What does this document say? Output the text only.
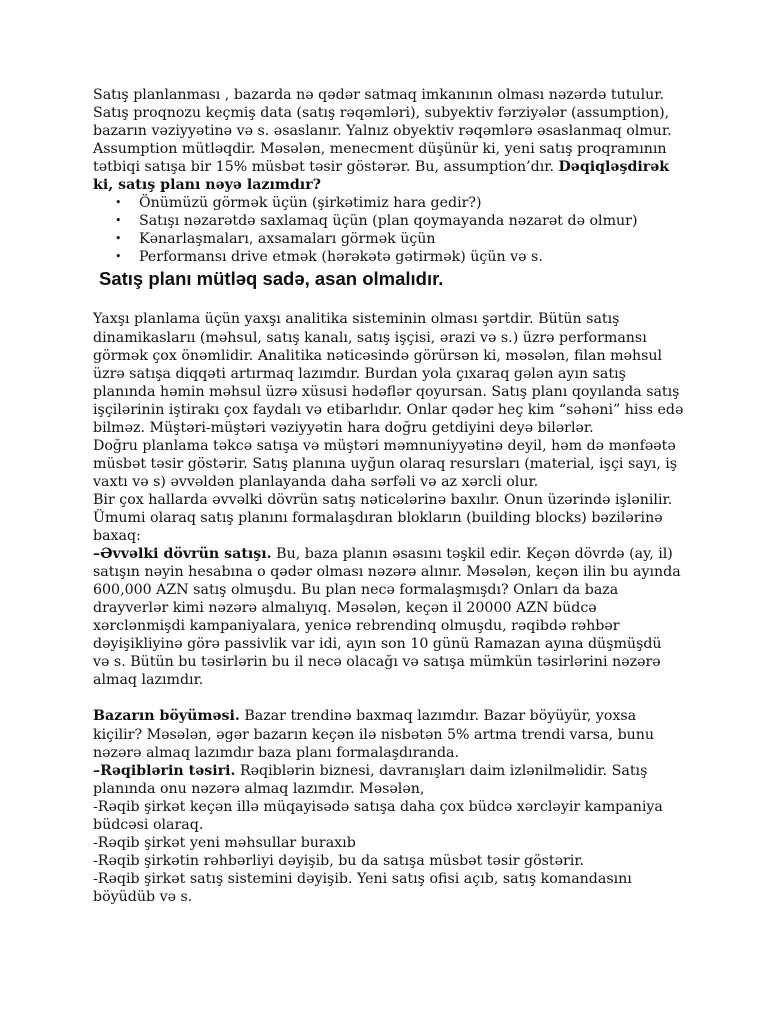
Satış planlanması , bazarda nə qədər satmaq imkanının olması nəzərdə tutulur.

Satış proqnozu keçmiş data (satış rəqəmləri), subyektiv fərziyələr (assumption),

bazarın vəziyyətinə və s. əsaslanır. Yalnız obyektiv rəqəmlərə əsaslanmaq olmur.

Assumption mütləqdir. Məsələn, menecment düşünür ki, yeni satış proqramının

tətbiqi satışa bir 15% müsbət təsir göstərər. Bu, assumption’dır. Dəqiqləşdirək

ki, satış planı nəyə lazımdır?

• Önümüzü görmək üçün (şirkətimiz hara gedir?)
• Satışı nəzarətdə saxlamaq üçün (plan qoymayanda nəzarət də olmur)
• Kənarlaşmaları, axsamaları görmək üçün
• Performansı drive etmək (hərəkətə gətirmək) üçün və s.
Satış planı mütləq sadə, asan olmalıdır.

Yaxşı planlama üçün yaxşı analitika sisteminin olması şərtdir. Bütün satış

dinamikaslarıı (məhsul, satış kanalı, satış işçisi, ərazi və s.) üzrə performansı

görmək çox önəmlidir. Analitika nəticəsində görürsən ki, məsələn, filan məhsul

üzrə satışa diqqəti artırmaq lazımdır. Burdan yola çıxaraq gələn ayın satış

planında həmin məhsul üzrə xüsusi hədəflər qoyursan. Satış planı qoyılanda satış

işçilərinin iştirakı çox faydalı və etibarlıdır. Onlar qədər heç kim “səhəni” hiss edə

bilməz. Müştəri-müştəri vəziyyətin hara doğru getdiyini deyə bilərlər.

Doğru planlama təkcə satışa və müştəri məmnuniyyətinə deyil, həm də mənfəətə

müsbət təsir göstərir. Satış planına uyğun olaraq resursları (material, işçi sayı, iş

vaxtı və s) əvvəldən planlayanda daha sərfəli və az xərcli olur.

Bir çox hallarda əvvəlki dövrün satış nəticələrinə baxılır. Onun üzərində işlənilir.

Ümumi olaraq satış planını formalaşdıran blokların (building blocks) bəzilərinə

baxaq:

–Əvvəlki dövrün satışı. Bu, baza planın əsasını təşkil edir. Keçən dövrdə (ay, il)

satışın nəyin hesabına o qədər olması nəzərə alınır. Məsələn, keçən ilin bu ayında

600,000 AZN satış olmuşdu. Bu plan necə formalaşmışdı? Onları da baza

drayverlər kimi nəzərə almalıyıq. Məsələn, keçən il 20000 AZN büdcə

xərclənmişdi kampaniyalara, yenicə rebrendinq olmuşdu, rəqibdə rəhbər

dəyişikliyinə görə passivlik var idi, ayın son 10 günü Ramazan ayına düşmüşdü

və s. Bütün bu təsirlərin bu il necə olacağı və satışa mümkün təsirlərini nəzərə

almaq lazımdır.

Bazarın böyüməsi. Bazar trendinə baxmaq lazımdır. Bazar böyüyür, yoxsa

kiçilir? Məsələn, əgər bazarın keçən ilə nisbətən 5% artma trendi varsa, bunu

nəzərə almaq lazımdır baza planı formalaşdıranda.

–Rəqiblərin təsiri. Rəqiblərin biznesi, davranışları daim izlənilməlidir. Satış

planında onu nəzərə almaq lazımdır. Məsələn,

-Rəqib şirkət keçən illə müqayisədə satışa daha çox büdcə xərcləyir kampaniya

büdcəsi olaraq.

-Rəqib şirkət yeni məhsullar buraxıb

-Rəqib şirkətin rəhbərliyi dəyişib, bu da satışa müsbət təsir göstərir.

-Rəqib şirkət satış sistemini dəyişib. Yeni satış ofisi açıb, satış komandasını

böyüdüb və s.
